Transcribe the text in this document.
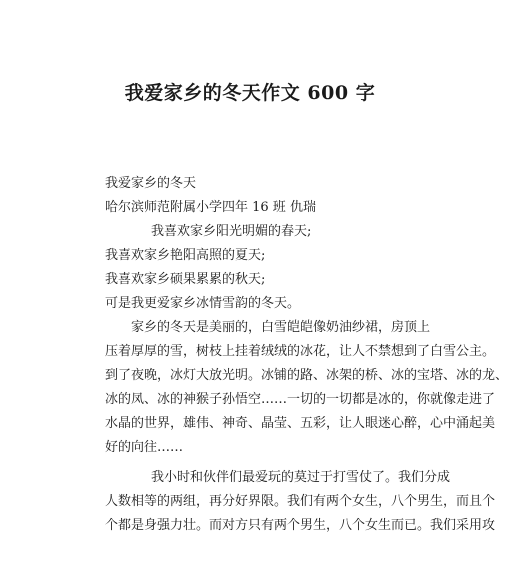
我爱家乡的冬天作文 600 字
我爱家乡的冬天
哈尔滨师范附属小学四年 16 班 仇瑞
我喜欢家乡阳光明媚的春天;
我喜欢家乡艳阳高照的夏天;
我喜欢家乡硕果累累的秋天;
可是我更爱家乡冰情雪韵的冬天。
家乡的冬天是美丽的，白雪皑皑像奶油纱裙，房顶上
压着厚厚的雪，树枝上挂着绒绒的冰花，让人不禁想到了白雪公主。
到了夜晚，冰灯大放光明。冰铺的路、冰架的桥、冰的宝塔、冰的龙、
冰的凤、冰的神猴子孙悟空……一切的一切都是冰的，你就像走进了
水晶的世界，雄伟、神奇、晶莹、五彩，让人眼迷心醉，心中涌起美
好的向往……
我小时和伙伴们最爱玩的莫过于打雪仗了。我们分成
人数相等的两组，再分好界限。我们有两个女生，八个男生，而且个
个都是身强力壮。而对方只有两个男生，八个女生而已。我们采用攻
